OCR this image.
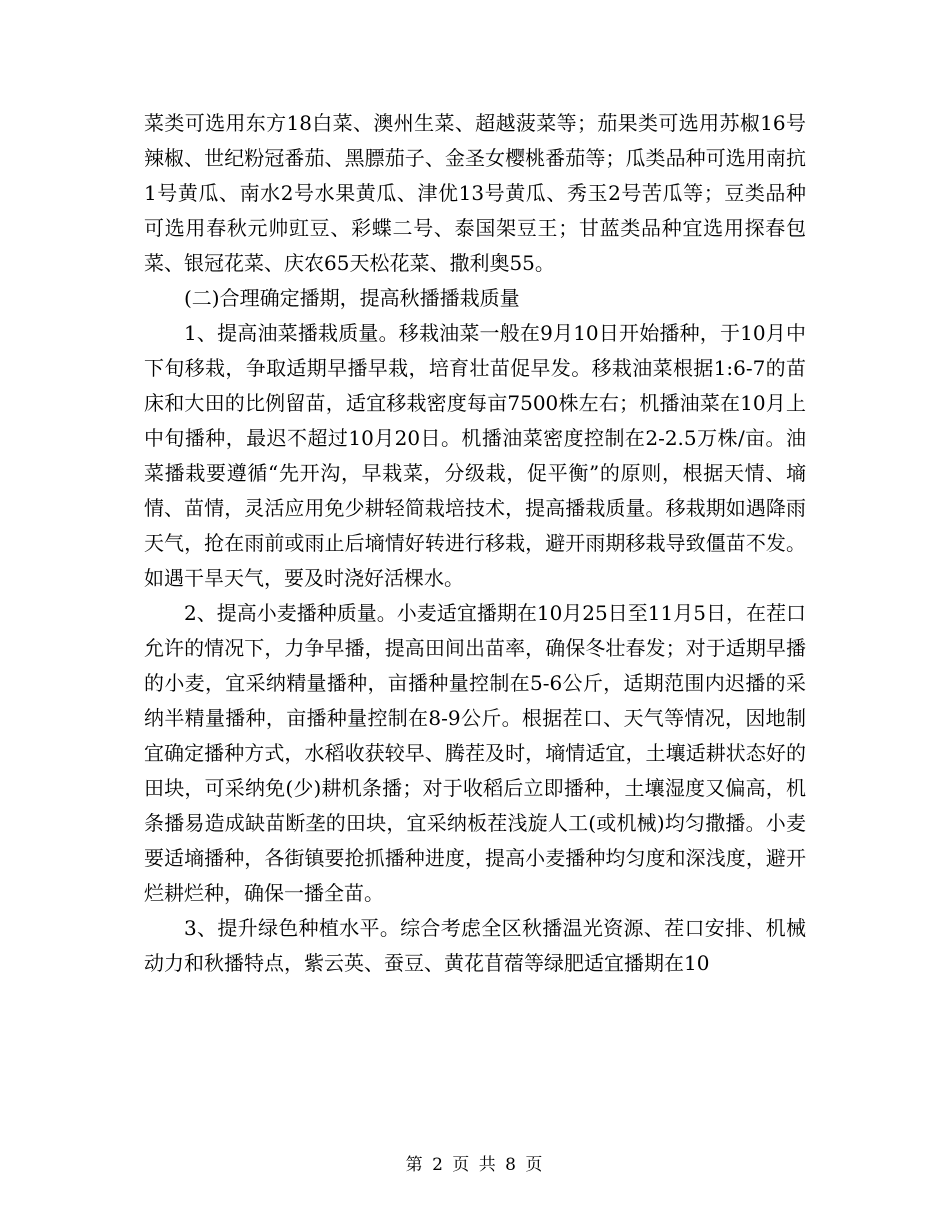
菜类可选用东方18白菜、澳州生菜、超越菠菜等；茄果类可选用苏椒16号辣椒、世纪粉冠番茄、黑膘茄子、金圣女樱桃番茄等；瓜类品种可选用南抗1号黄瓜、南水2号水果黄瓜、津优13号黄瓜、秀玉2号苦瓜等；豆类品种可选用春秋元帅豇豆、彩蝶二号、泰国架豆王；甘蓝类品种宜选用探春包菜、银冠花菜、庆农65天松花菜、撒利奥55。

(二)合理确定播期，提高秋播播栽质量

1、提高油菜播栽质量。移栽油菜一般在9月10日开始播种，于10月中下旬移栽，争取适期早播早栽，培育壮苗促早发。移栽油菜根据1:6-7的苗床和大田的比例留苗，适宜移栽密度每亩7500株左右；机播油菜在10月上中旬播种，最迟不超过10月20日。机播油菜密度控制在2-2.5万株/亩。油菜播栽要遵循“先开沟，早栽菜，分级栽，促平衡”的原则，根据天情、墒情、苗情，灵活应用免少耕轻简栽培技术，提高播栽质量。移栽期如遇降雨天气，抢在雨前或雨止后墒情好转进行移栽，避开雨期移栽导致僵苗不发。如遇干旱天气，要及时浇好活棵水。

2、提高小麦播种质量。小麦适宜播期在10月25日至11月5日，在茬口允许的情况下，力争早播，提高田间出苗率，确保冬壮春发；对于适期早播的小麦，宜采纳精量播种，亩播种量控制在5-6公斤，适期范围内迟播的采纳半精量播种，亩播种量控制在8-9公斤。根据茬口、天气等情况，因地制宜确定播种方式，水稻收获较早、腾茬及时，墒情适宜，土壤适耕状态好的田块，可采纳免(少)耕机条播；对于收稻后立即播种，土壤湿度又偏高，机条播易造成缺苗断垄的田块，宜采纳板茬浅旋人工(或机械)均匀撒播。小麦要适墒播种，各街镇要抢抓播种进度，提高小麦播种均匀度和深浅度，避开烂耕烂种，确保一播全苗。

3、提升绿色种植水平。综合考虑全区秋播温光资源、茬口安排、机械动力和秋播特点，紫云英、蚕豆、黄花苜蓿等绿肥适宜播期在10

第 2 页 共 8 页
